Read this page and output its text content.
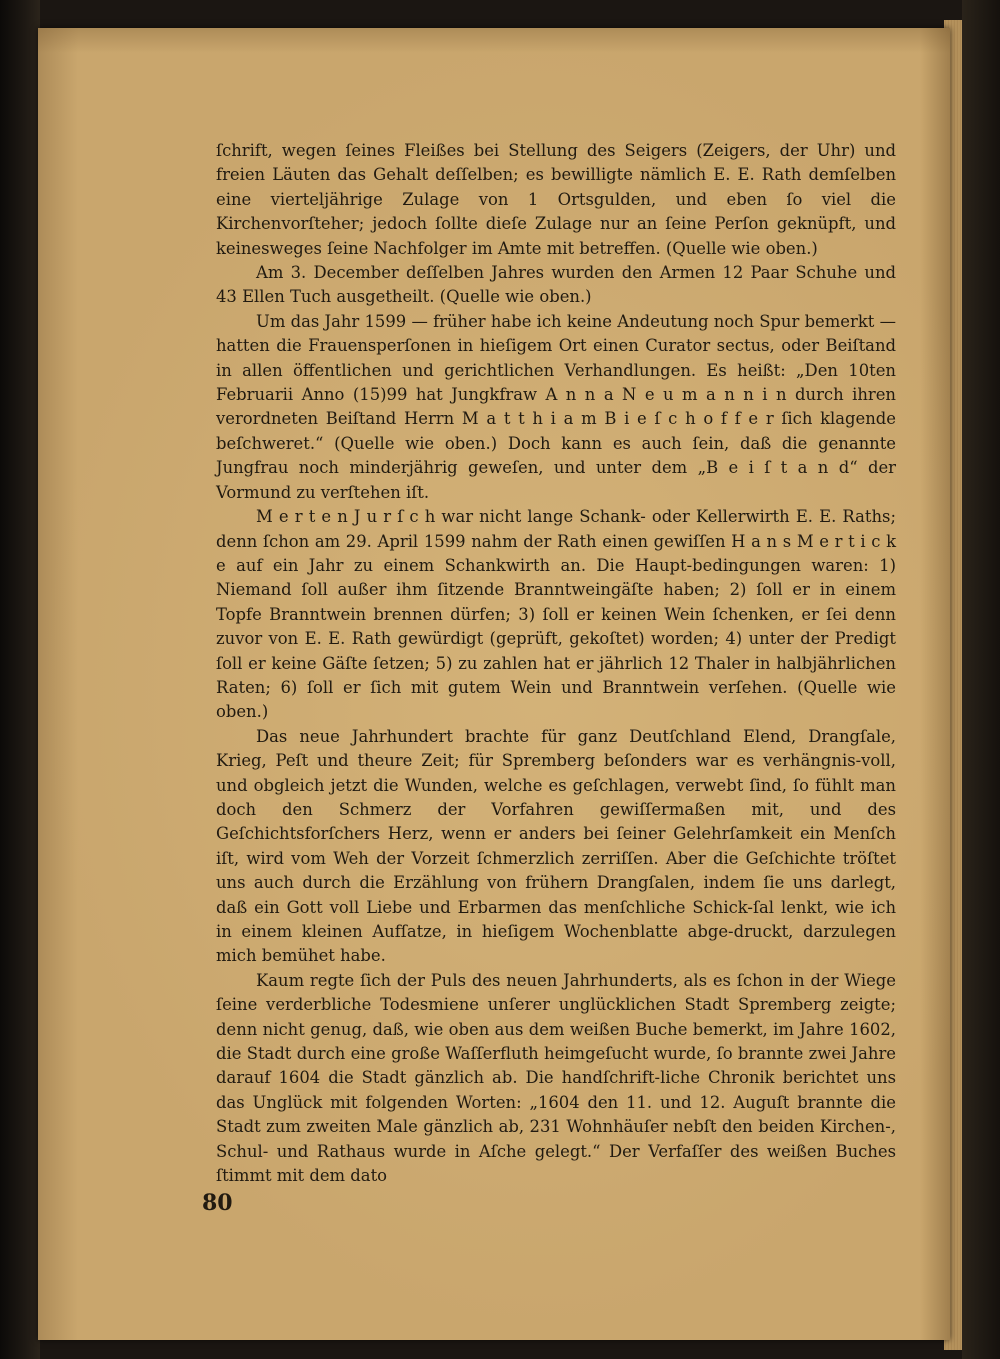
ſchrift, wegen ſeines Fleißes bei Stellung des Seigers (Zeigers, der Uhr) und freien Läuten das Gehalt deſſelben; es bewilligte nämlich E. E. Rath demſelben eine vierteljährige Zulage von 1 Ortsgulden, und eben ſo viel die Kirchenvorſteher; jedoch ſollte dieſe Zulage nur an ſeine Perſon geknüpft, und keinesweges ſeine Nachfolger im Amte mit betreffen. (Quelle wie oben.)

Am 3. December deſſelben Jahres wurden den Armen 12 Paar Schuhe und 43 Ellen Tuch ausgetheilt. (Quelle wie oben.)

Um das Jahr 1599 — früher habe ich keine Andeutung noch Spur bemerkt — hatten die Frauensperſonen in hieſigem Ort einen Curator sectus, oder Beiſtand in allen öffentlichen und gerichtlichen Verhandlungen. Es heißt: „Den 10ten Februarii Anno (15)99 hat Jungkfraw A n n a N e u m a n n i n durch ihren verordneten Beiſtand Herrn M a t t h i a m B i e ſ c h o f f e r ſich klagende beſchweret.“ (Quelle wie oben.) Doch kann es auch ſein, daß die genannte Jungfrau noch minderjährig geweſen, und unter dem „B e i ſ t a n d“ der Vormund zu verſtehen iſt.

M e r t e n J u r ſ c h war nicht lange Schank- oder Kellerwirth E. E. Raths; denn ſchon am 29. April 1599 nahm der Rath einen gewiſſen H a n s M e r t i c k e auf ein Jahr zu einem Schankwirth an. Die Haupt-bedingungen waren: 1) Niemand ſoll außer ihm ſitzende Branntweingäſte haben; 2) ſoll er in einem Topfe Branntwein brennen dürfen; 3) ſoll er keinen Wein ſchenken, er ſei denn zuvor von E. E. Rath gewürdigt (geprüft, gekoſtet) worden; 4) unter der Predigt ſoll er keine Gäſte ſetzen; 5) zu zahlen hat er jährlich 12 Thaler in halbjährlichen Raten; 6) ſoll er ſich mit gutem Wein und Branntwein verſehen. (Quelle wie oben.)

Das neue Jahrhundert brachte für ganz Deutſchland Elend, Drangſale, Krieg, Peſt und theure Zeit; für Spremberg beſonders war es verhängnis-voll, und obgleich jetzt die Wunden, welche es geſchlagen, verwebt ſind, ſo fühlt man doch den Schmerz der Vorfahren gewiſſermaßen mit, und des Geſchichtsforſchers Herz, wenn er anders bei ſeiner Gelehrſamkeit ein Menſch iſt, wird vom Weh der Vorzeit ſchmerzlich zerriſſen. Aber die Geſchichte tröſtet uns auch durch die Erzählung von frühern Drangſalen, indem ſie uns darlegt, daß ein Gott voll Liebe und Erbarmen das menſchliche Schick-ſal lenkt, wie ich in einem kleinen Aufſatze, in hieſigem Wochenblatte abge-druckt, darzulegen mich bemühet habe.

Kaum regte ſich der Puls des neuen Jahrhunderts, als es ſchon in der Wiege ſeine verderbliche Todesmiene unſerer unglücklichen Stadt Spremberg zeigte; denn nicht genug, daß, wie oben aus dem weißen Buche bemerkt, im Jahre 1602, die Stadt durch eine große Waſſerfluth heimgeſucht wurde, ſo brannte zwei Jahre darauf 1604 die Stadt gänzlich ab. Die handſchrift-liche Chronik berichtet uns das Unglück mit folgenden Worten: „1604 den 11. und 12. Auguſt brannte die Stadt zum zweiten Male gänzlich ab, 231 Wohnhäuſer nebſt den beiden Kirchen-, Schul- und Rathaus wurde in Aſche gelegt.“ Der Verfaſſer des weißen Buches ſtimmt mit dem dato

80
